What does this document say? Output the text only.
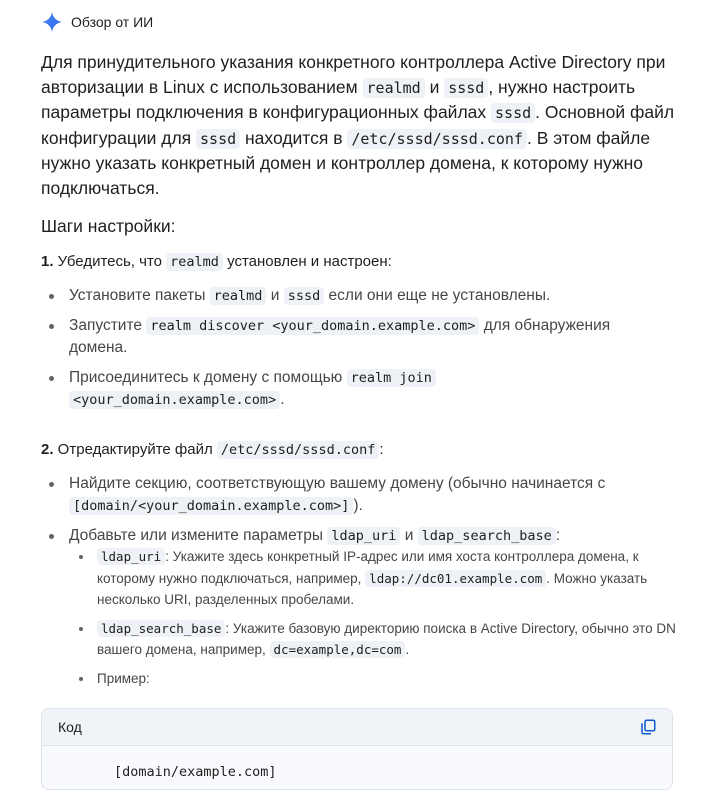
Обзор от ИИ
Для принудительного указания конкретного контроллера Active Directory при авторизации в Linux с использованием realmd и sssd , нужно настроить параметры подключения в конфигурационных файлах sssd . Основной файл конфигурации для sssd находится в /etc/sssd/sssd.conf . В этом файле нужно указать конкретный домен и контроллер домена, к которому нужно подключаться.
Шаги настройки:
1. Убедитесь, что realmd установлен и настроен:
Установите пакеты realmd и sssd если они еще не установлены.
Запустите realm discover <your_domain.example.com> для обнаружения домена.
Присоединитесь к домену с помощью realm join
<your_domain.example.com> .
2. Отредактируйте файл /etc/sssd/sssd.conf :
Найдите секцию, соответствующую вашему домену (обычно начинается с [domain/<your_domain.example.com>] ).
Добавьте или измените параметры ldap_uri и ldap_search_base :
ldap_uri : Укажите здесь конкретный IP-адрес или имя хоста контроллера домена, к которому нужно подключаться, например, ldap://dc01.example.com . Можно указать несколько URI, разделенных пробелами.
ldap_search_base : Укажите базовую директорию поиска в Active Directory, обычно это DN вашего домена, например, dc=example,dc=com .
Пример:
Код
[domain/example.com]
